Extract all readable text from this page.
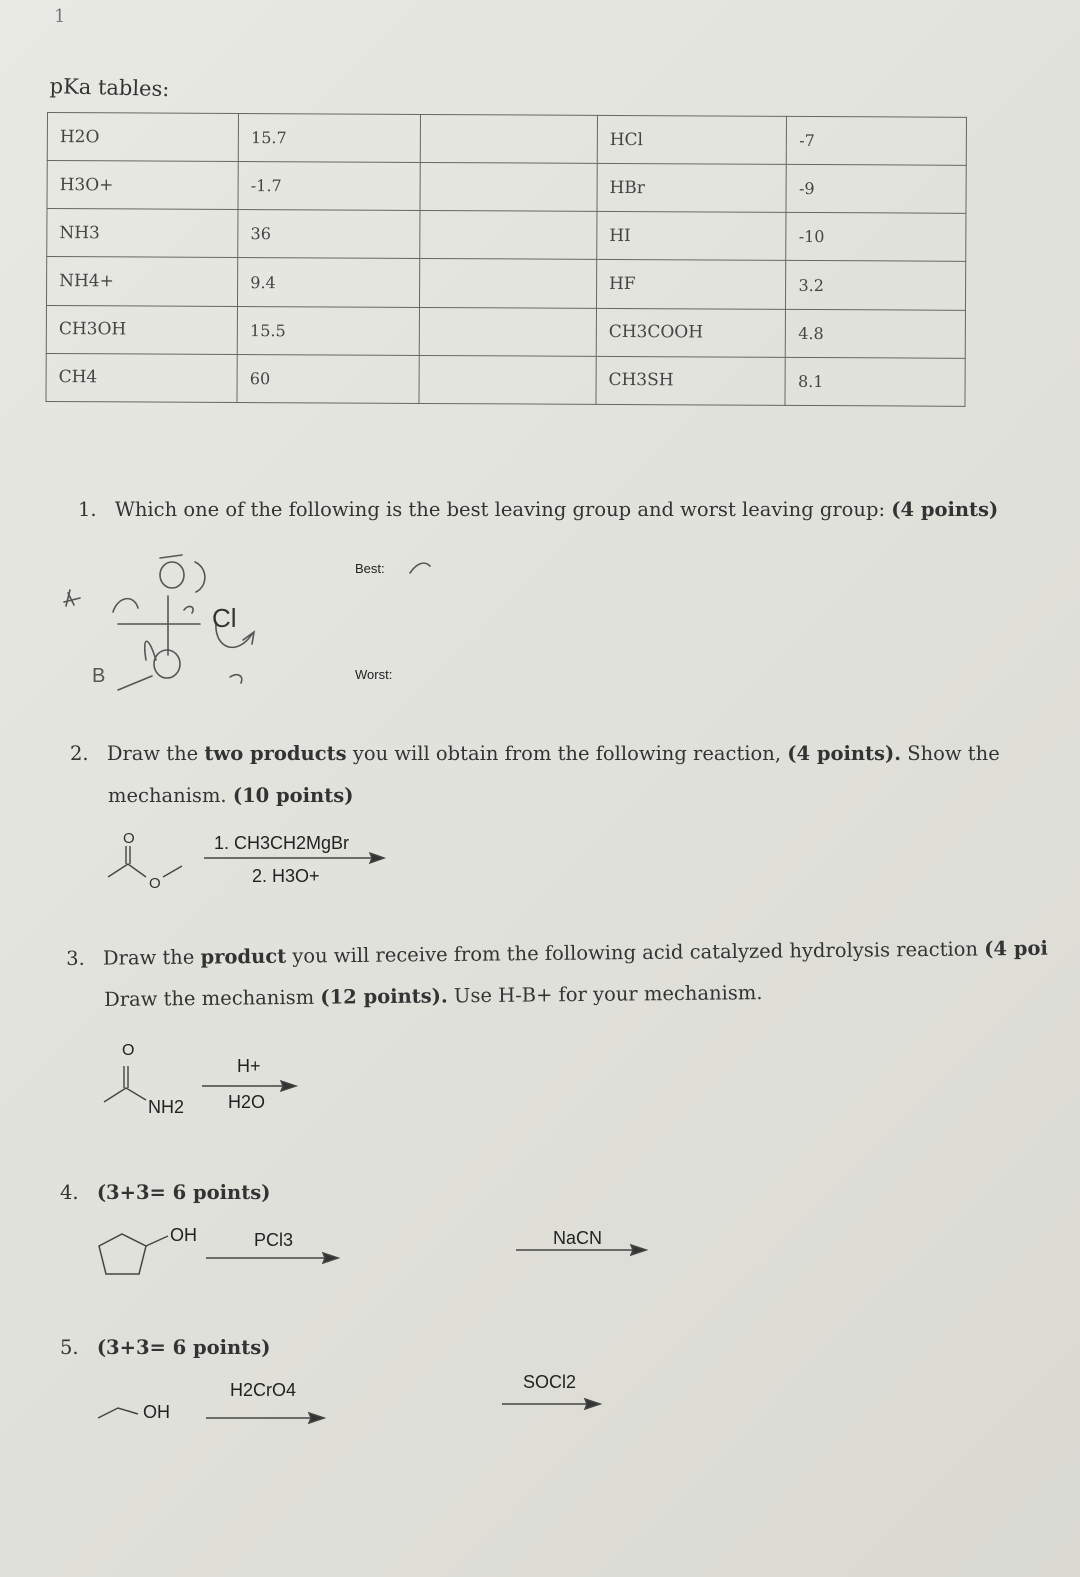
1
pKa tables:
H2O	15.7		HCl	-7
H3O+	-1.7		HBr	-9
NH3	36		HI	-10
NH4+	9.4		HF	3.2
CH3OH	15.5		CH3COOH	4.8
CH4	60		CH3SH	8.1
1. Which one of the following is the best leaving group and worst leaving group: (4 points)
Best:
Worst:
2. Draw the two products you will obtain from the following reaction, (4 points). Show the
mechanism. (10 points)
1. CH3CH2MgBr
2. H3O+
3. Draw the product you will receive from the following acid catalyzed hydrolysis reaction (4 poi
Draw the mechanism (12 points). Use H-B+ for your mechanism.
H+
H2O
O
NH2
4. (3+3= 6 points)
OH	PCl3	NaCN
5. (3+3= 6 points)
OH
H2CrO4	SOCl2
B
Cl
O
O
